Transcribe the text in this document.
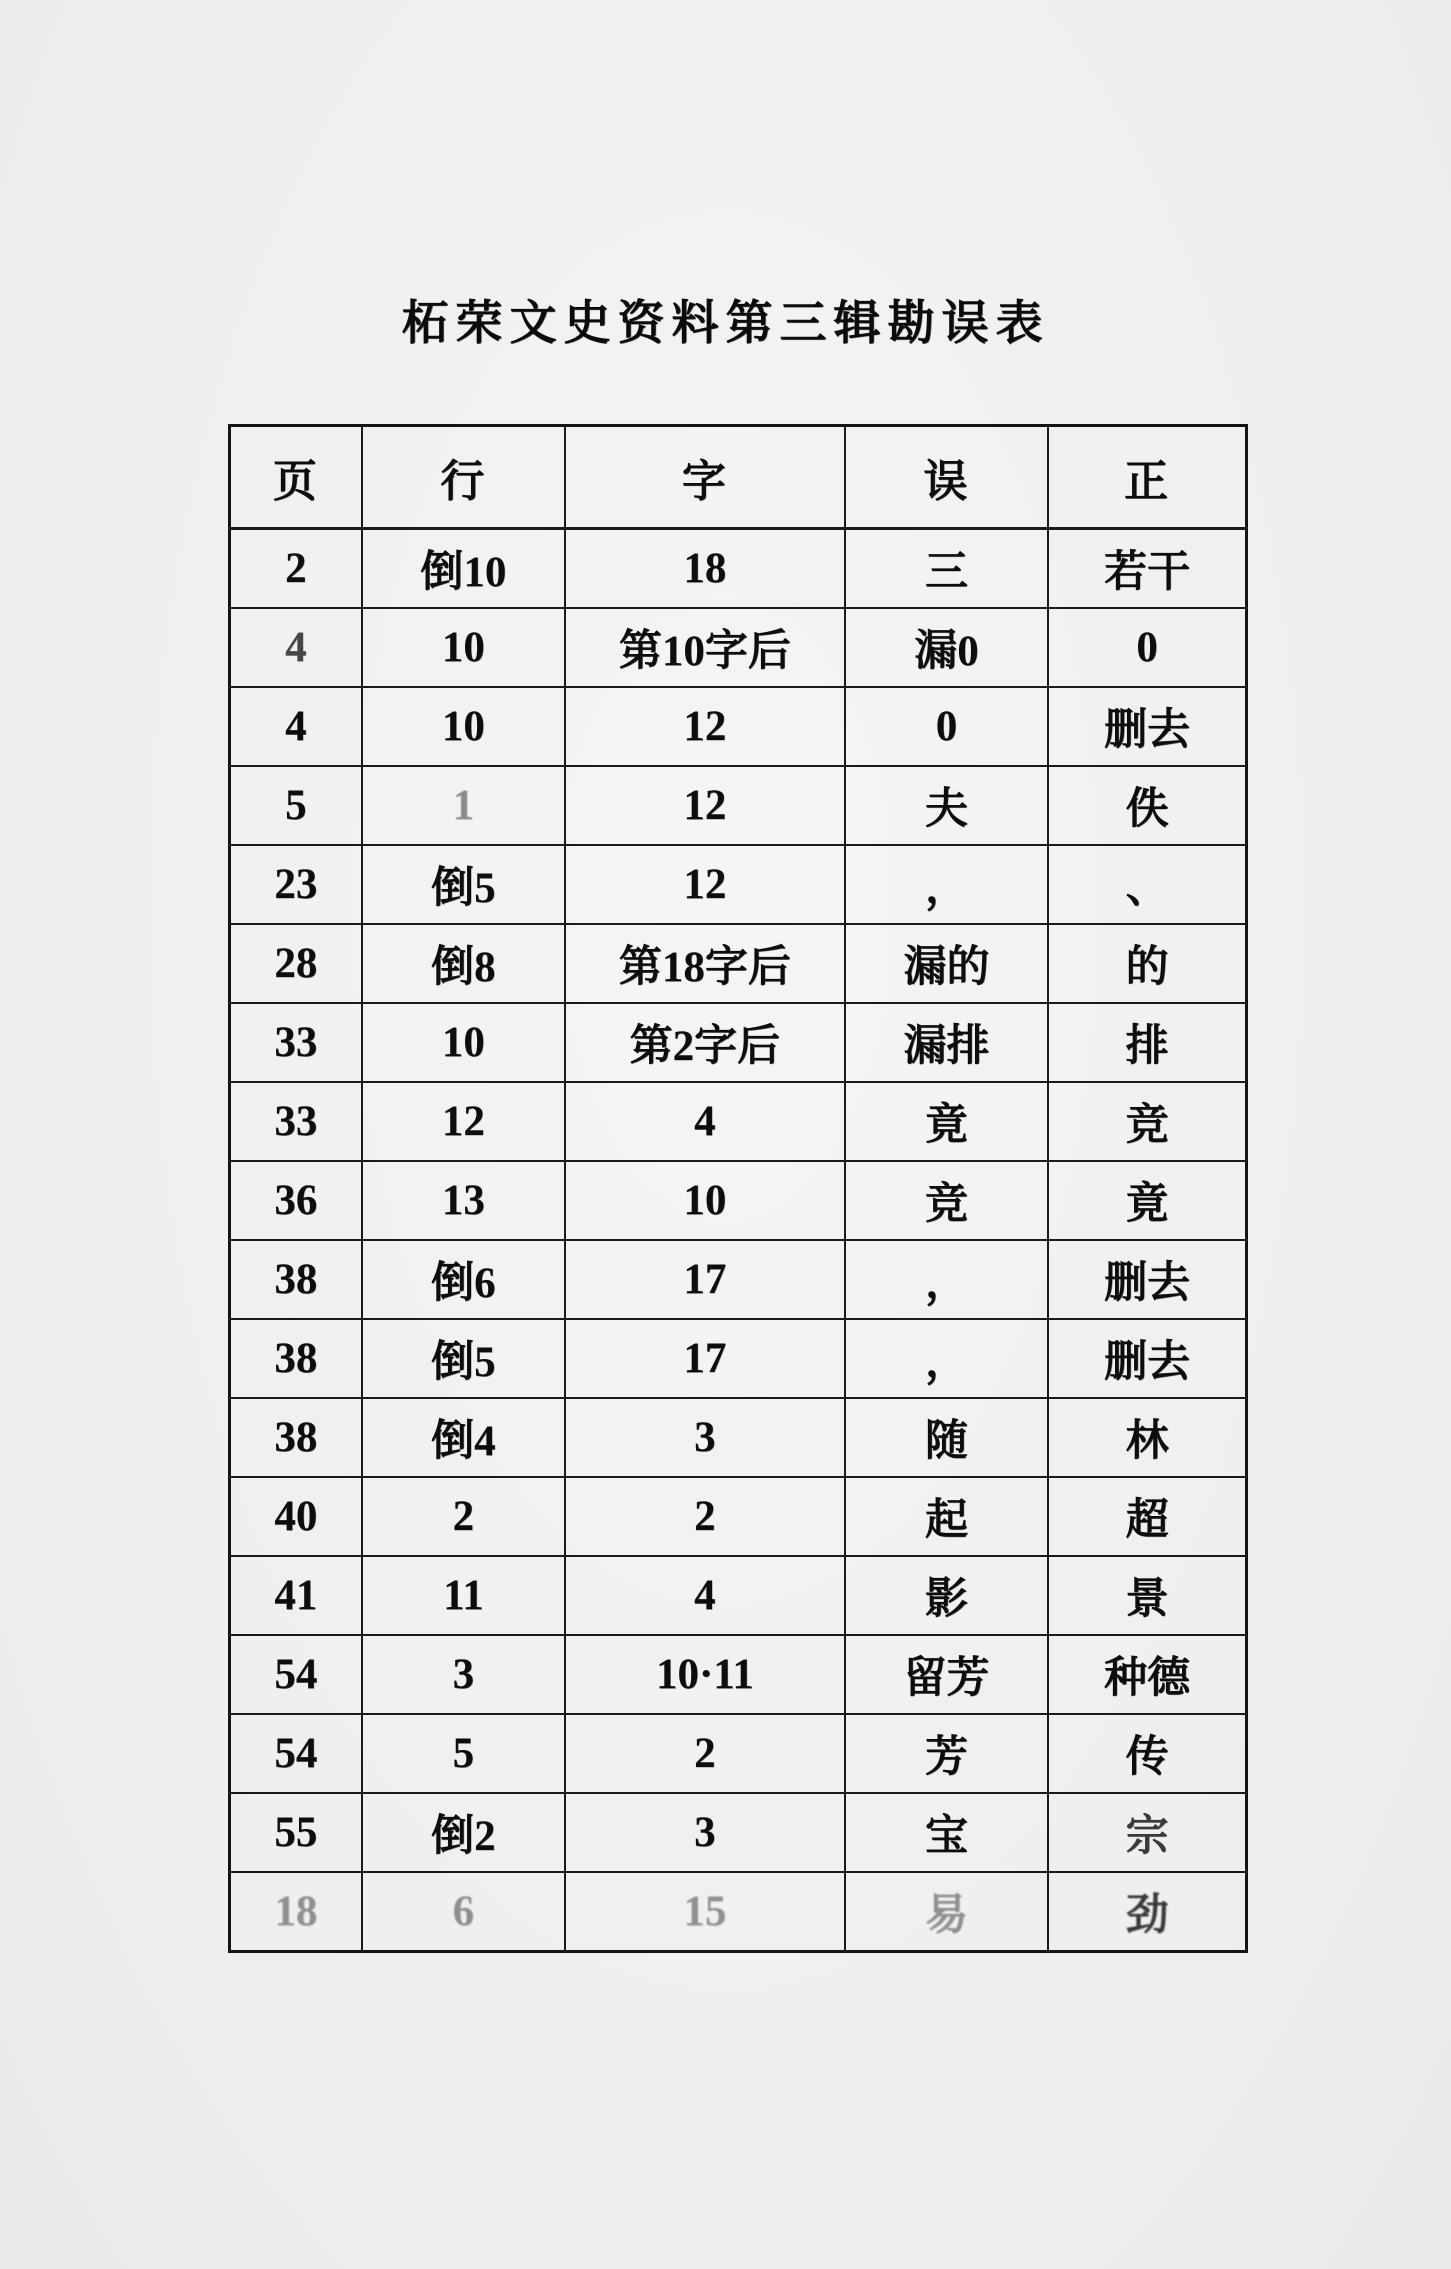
柘荣文史资料第三辑勘误表
页	行	字	误	正
2	倒10	18	三	若干
4	10	第10字后	漏0	0
4	10	12	0	删去
5	1	12	夫	佚
23	倒5	12	，	、
28	倒8	第18字后	漏的	的
33	10	第2字后	漏排	排
33	12	4	竟	竞
36	13	10	竞	竟
38	倒6	17	，	删去
38	倒5	17	，	删去
38	倒4	3	随	林
40	2	2	起	超
41	11	4	影	景
54	3	10·11	留芳	种德
54	5	2	芳	传
55	倒2	3	宝	宗
18	6	15	易	劲
